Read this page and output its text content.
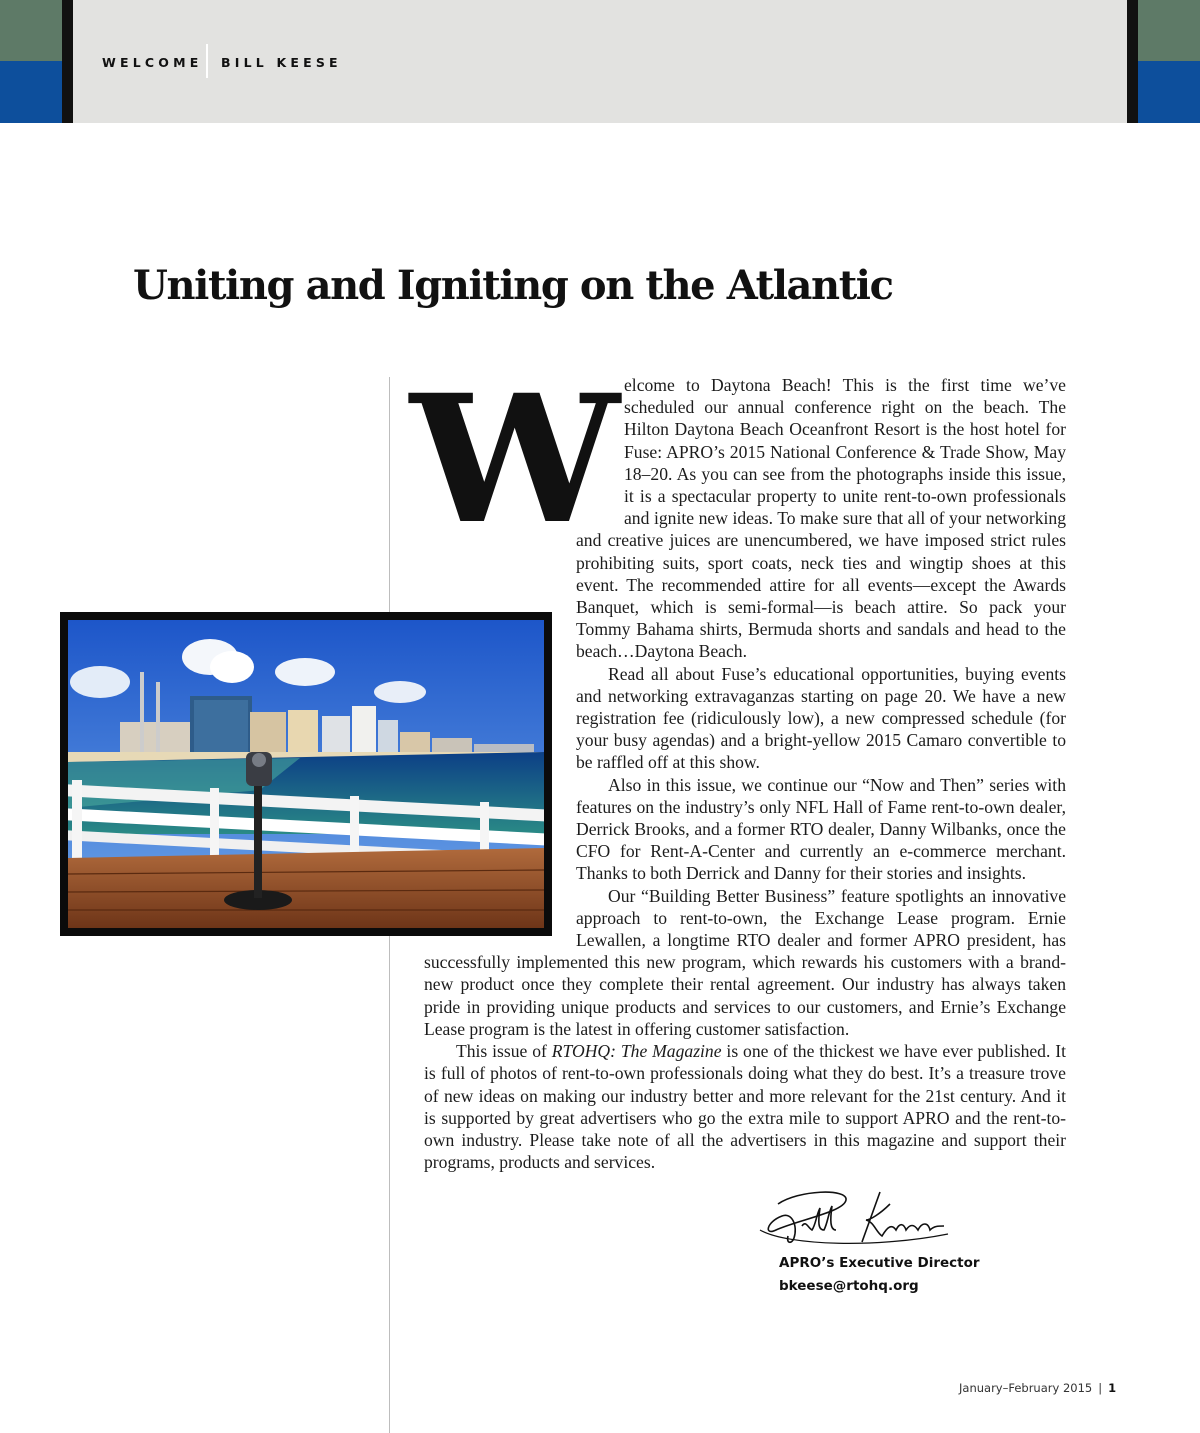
WELCOME BILL KEESE
Uniting and Igniting on the Atlantic
W elcome to Daytona Beach! This is the first time we’ve scheduled our annual conference right on the beach. The Hilton Daytona Beach Oceanfront Resort is the host hotel for Fuse: APRO’s 2015 National Conference & Trade Show, May 18–20. As you can see from the photographs inside this issue, it is a spectacular property to unite rent-to-own professionals and ignite new ideas. To make sure that all of your networking and creative juices are unencumbered, we have imposed strict rules prohibiting suits, sport coats, neck ties and wingtip shoes at this event. The recommended attire for all events—except the Awards Banquet, which is semi-formal—is beach attire. So pack your Tommy Bahama shirts, Bermuda shorts and sandals and head to the beach…Daytona Beach.

Read all about Fuse’s educational opportunities, buying events and networking extravaganzas starting on page 20. We have a new registration fee (ridiculously low), a new compressed schedule (for your busy agendas) and a bright-yellow 2015 Camaro convertible to be raffled off at this show.

Also in this issue, we continue our “Now and Then” series with features on the industry’s only NFL Hall of Fame rent-to-own dealer, Derrick Brooks, and a former RTO dealer, Danny Wilbanks, once the CFO for Rent-A-Center and currently an e-commerce merchant. Thanks to both Derrick and Danny for their stories and insights.

Our “Building Better Business” feature spotlights an innovative approach to rent-to-own, the Exchange Lease program. Ernie Lewallen, a longtime RTO dealer and former APRO president, has successfully implemented this new program, which rewards his customers with a brand-new product once they complete their rental agreement. Our industry has always taken pride in providing unique products and services to our customers, and Ernie’s Exchange Lease program is the latest in offering customer satisfaction.

This issue of RTOHQ: The Magazine is one of the thickest we have ever published. It is full of photos of rent-to-own professionals doing what they do best. It’s a treasure trove of new ideas on making our industry better and more relevant for the 21st century. And it is supported by great advertisers who go the extra mile to support APRO and the rent-to-own industry. Please take note of all the advertisers in this magazine and support their programs, products and services.

APRO’s Executive Director
bkeese@rtohq.org
January–February 2015 | 1
